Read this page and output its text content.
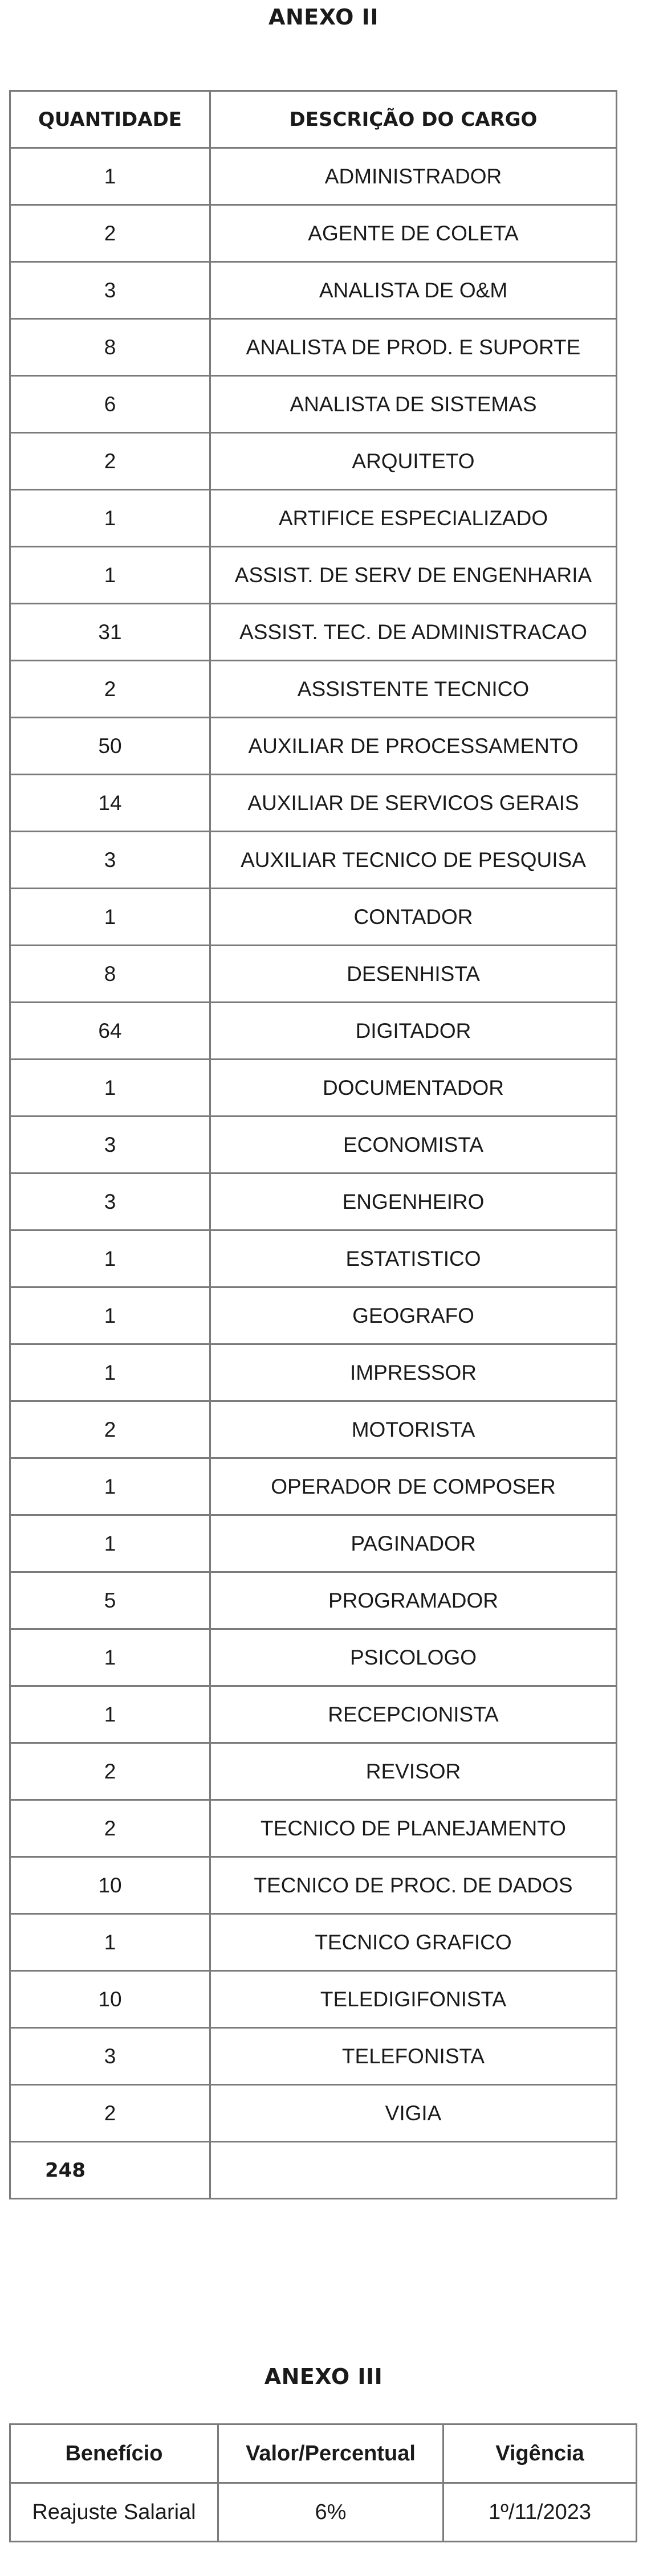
ANEXO II
QUANTIDADE	DESCRIÇÃO DO CARGO
1	ADMINISTRADOR
2	AGENTE DE COLETA
3	ANALISTA DE O&M
8	ANALISTA DE PROD. E SUPORTE
6	ANALISTA DE SISTEMAS
2	ARQUITETO
1	ARTIFICE ESPECIALIZADO
1	ASSIST. DE SERV DE ENGENHARIA
31	ASSIST. TEC. DE ADMINISTRACAO
2	ASSISTENTE TECNICO
50	AUXILIAR DE PROCESSAMENTO
14	AUXILIAR DE SERVICOS GERAIS
3	AUXILIAR TECNICO DE PESQUISA
1	CONTADOR
8	DESENHISTA
64	DIGITADOR
1	DOCUMENTADOR
3	ECONOMISTA
3	ENGENHEIRO
1	ESTATISTICO
1	GEOGRAFO
1	IMPRESSOR
2	MOTORISTA
1	OPERADOR DE COMPOSER
1	PAGINADOR
5	PROGRAMADOR
1	PSICOLOGO
1	RECEPCIONISTA
2	REVISOR
2	TECNICO DE PLANEJAMENTO
10	TECNICO DE PROC. DE DADOS
1	TECNICO GRAFICO
10	TELEDIGIFONISTA
3	TELEFONISTA
2	VIGIA
248	
ANEXO III
Benefício	Valor/Percentual	Vigência
Reajuste Salarial	6%	1º/11/2023
